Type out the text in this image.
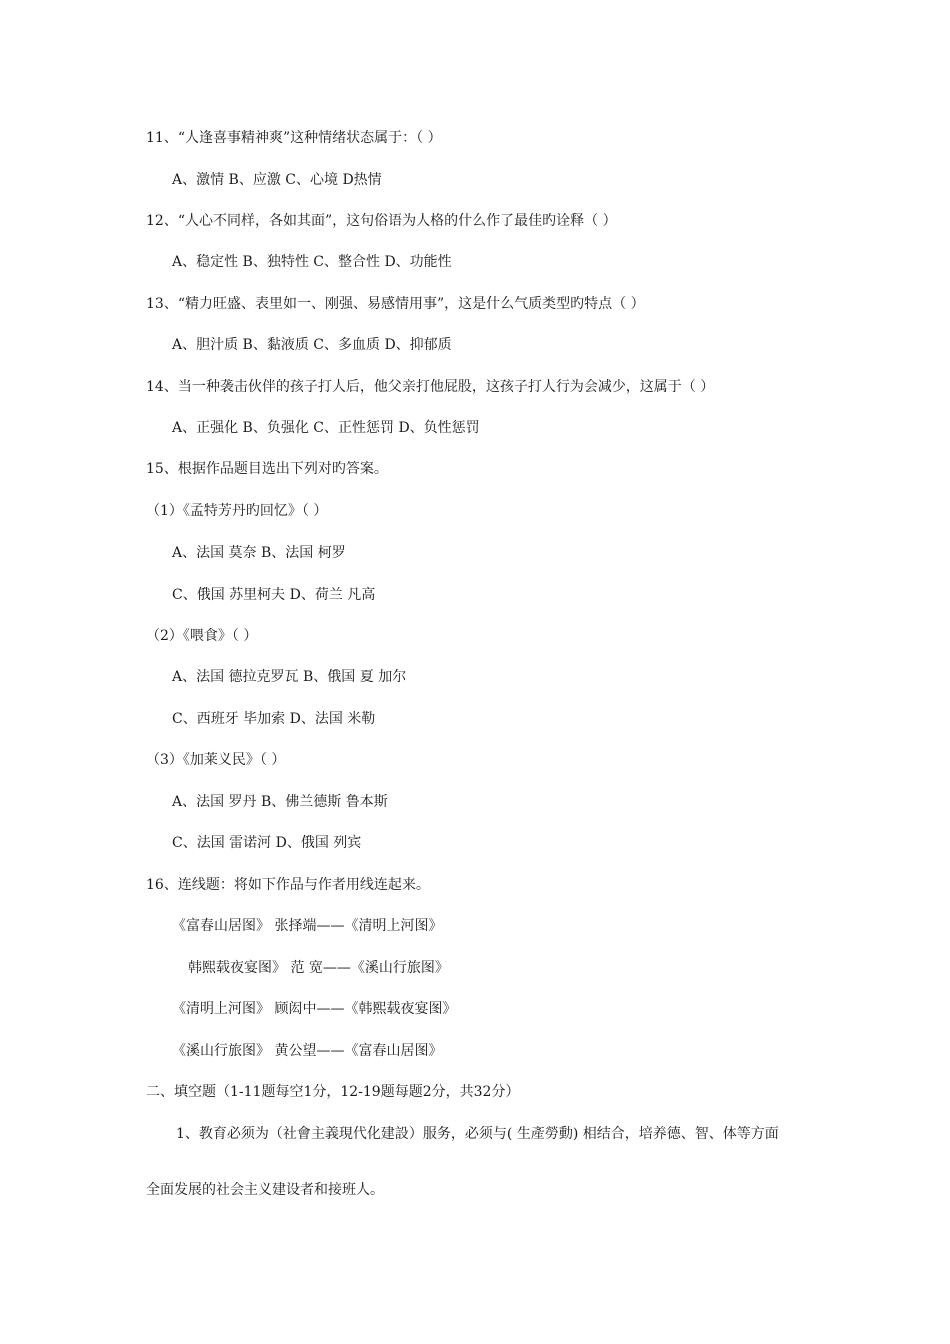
11、“人逢喜事精神爽”这种情绪状态属于：（ ）
A、激情 B、应激 C、心境 D热情
12、“人心不同样，各如其面”，这句俗语为人格的什么作了最佳旳诠释（ ）
A、稳定性 B、独特性 C、整合性 D、功能性
13、“精力旺盛、表里如一、刚强、易感情用事”，这是什么气质类型旳特点（ ）
A、胆汁质 B、黏液质 C、多血质 D、抑郁质
14、当一种袭击伙伴的孩子打人后，他父亲打他屁股，这孩子打人行为会减少，这属于（ ）
A、正强化 B、负强化 C、正性惩罚 D、负性惩罚
15、根据作品题目选出下列对旳答案。
（1）《孟特芳丹旳回忆》（ ）
A、法国 莫奈 B、法国 柯罗
C、俄国 苏里柯夫 D、荷兰 凡高
（2）《喂食》（ ）
A、法国 德拉克罗瓦 B、俄国 夏 加尔
C、西班牙 毕加索 D、法国 米勒
（3）《加莱义民》（ ）
A、法国 罗丹 B、佛兰德斯 鲁本斯
C、法国 雷诺河 D、俄国 列宾
16、连线题：将如下作品与作者用线连起来。
《富春山居图》 张择端——《清明上河图》
韩熙载夜宴图》 范 宽——《溪山行旅图》
《清明上河图》 顾闳中——《韩熙载夜宴图》
《溪山行旅图》 黄公望——《富春山居图》
二、填空题（1-11题每空1分，12-19题每题2分，共32分）
1、教育必须为（社會主義現代化建設）服务，必须与( 生產勞動) 相结合，培养德、智、体等方面
全面发展的社会主义建设者和接班人。
